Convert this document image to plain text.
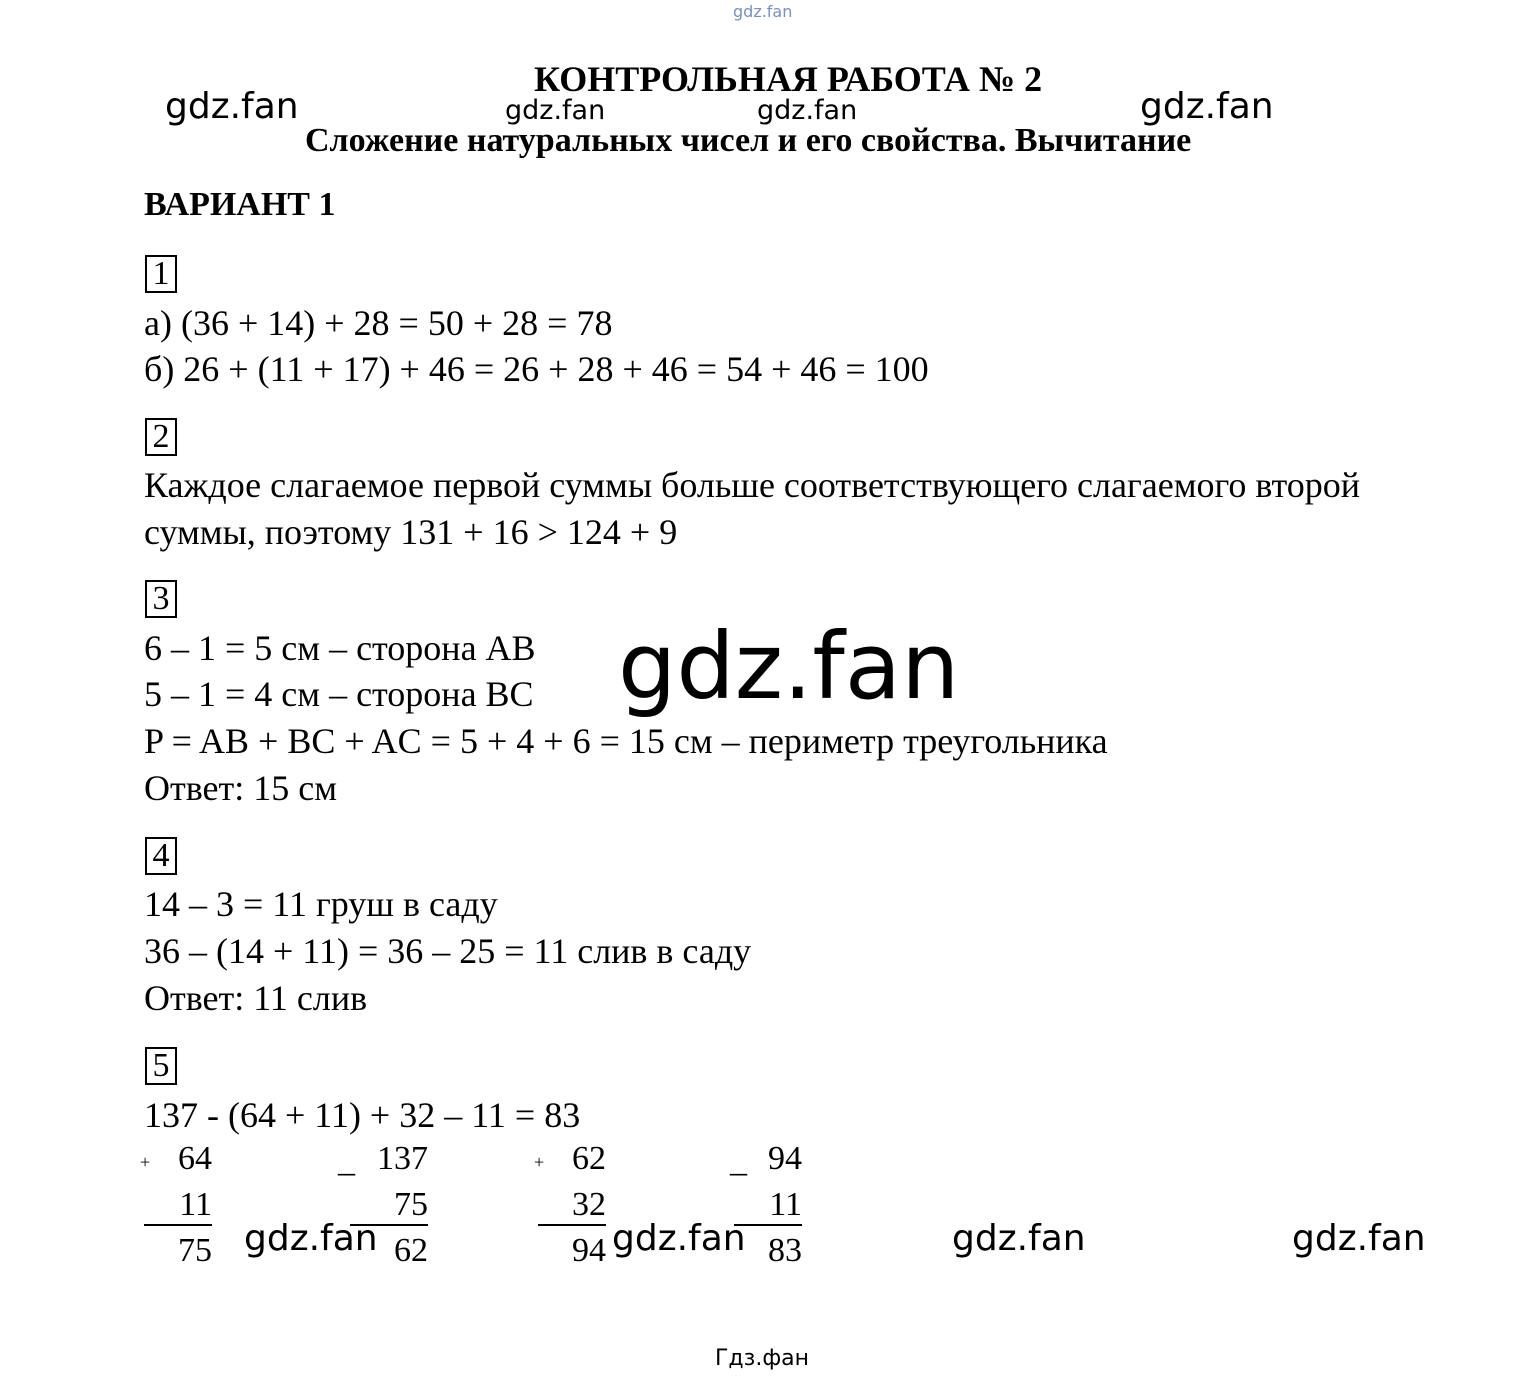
gdz.fan
КОНТРОЛЬНАЯ РАБОТА № 2
gdz.fan	gdz.fan	gdz.fan	gdz.fan
Сложение натуральных чисел и его свойства. Вычитание
ВАРИАНТ 1
1
а) (36 + 14) + 28 = 50 + 28 = 78
б) 26 + (11 + 17) + 46 = 26 + 28 + 46 = 54 + 46 = 100
2
Каждое слагаемое первой суммы больше соответствующего слагаемого второй
суммы, поэтому 131 + 16 > 124 + 9
3
6 – 1 = 5 см – сторона AB
5 – 1 = 4 см – сторона BC
P = AB + BC + AC = 5 + 4 + 6 = 15 см – периметр треугольника
Ответ: 15 см
4
14 – 3 = 11 груш в саду
36 – (14 + 11) = 36 – 25 = 11 слив в саду
Ответ: 11 слив
5
137 - (64 + 11) + 32 – 11 = 83
+ 64
11
75
_ 137
75
62
+ 62
32
94
_ 94
11
83
gdz.fan	gdz.fan	gdz.fan	gdz.fan
gdz.fan
Гдз.фан
